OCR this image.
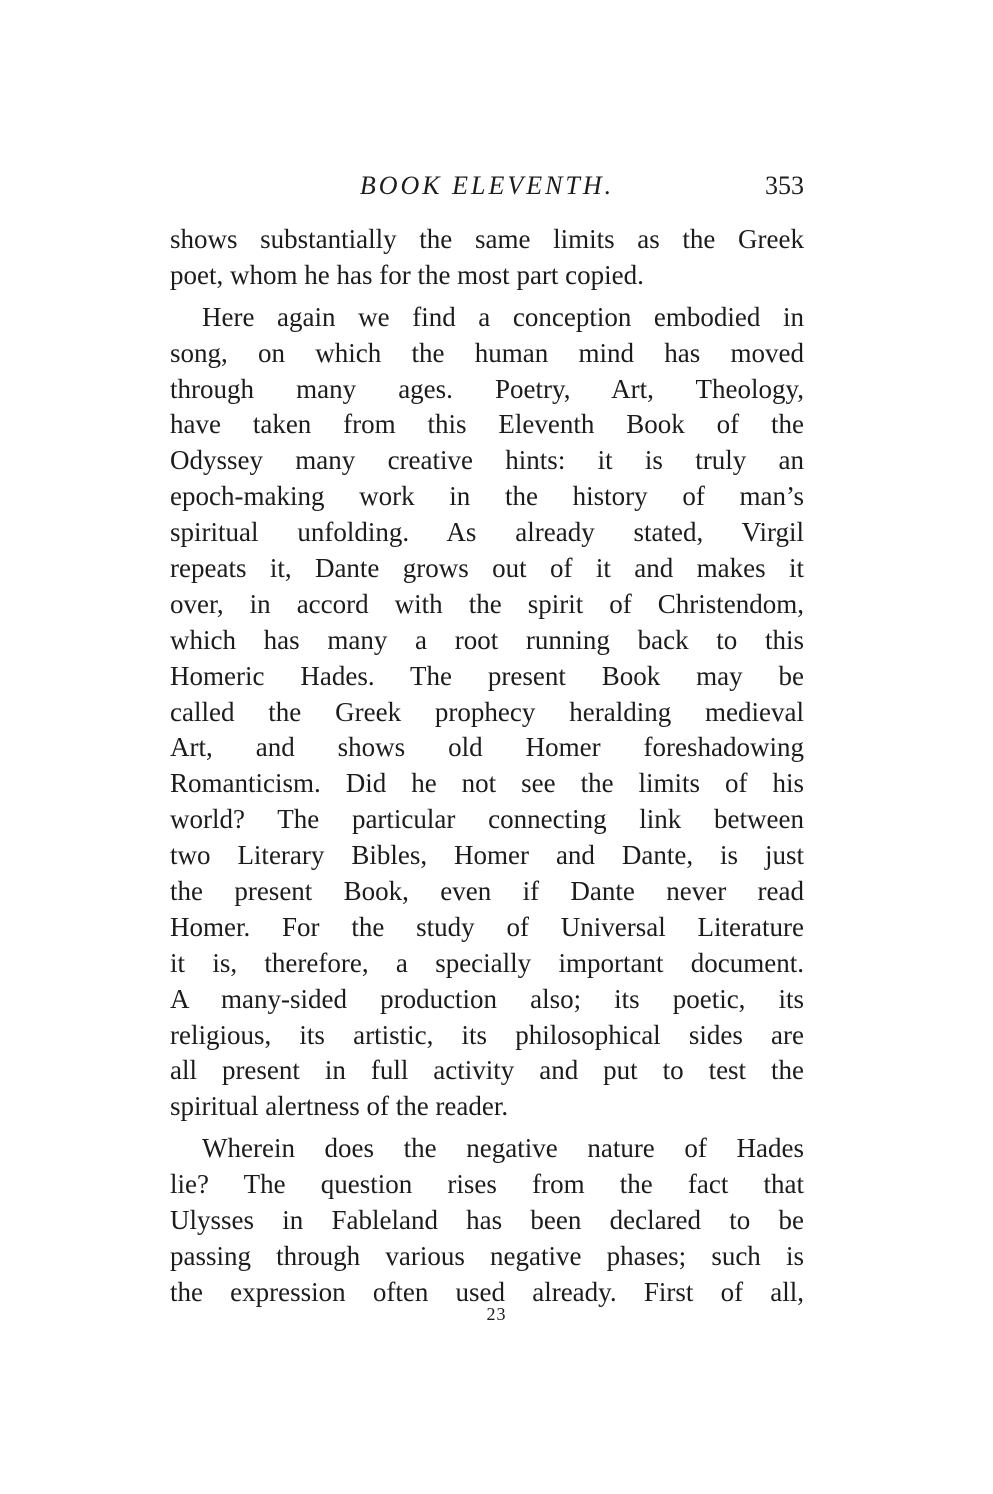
BOOK ELEVENTH.	353
shows substantially the same limits as the Greek
poet, whom he has for the most part copied.
Here again we find a conception embodied in
song, on which the human mind has moved
through many ages. Poetry, Art, Theology,
have taken from this Eleventh Book of the
Odyssey many creative hints: it is truly an
epoch-making work in the history of man’s
spiritual unfolding. As already stated, Virgil
repeats it, Dante grows out of it and makes it
over, in accord with the spirit of Christendom,
which has many a root running back to this
Homeric Hades. The present Book may be
called the Greek prophecy heralding medieval
Art, and shows old Homer foreshadowing
Romanticism. Did he not see the limits of his
world? The particular connecting link between
two Literary Bibles, Homer and Dante, is just
the present Book, even if Dante never read
Homer. For the study of Universal Literature
it is, therefore, a specially important document.
A many-sided production also; its poetic, its
religious, its artistic, its philosophical sides are
all present in full activity and put to test the
spiritual alertness of the reader.
Wherein does the negative nature of Hades
lie? The question rises from the fact that
Ulysses in Fableland has been declared to be
passing through various negative phases; such is
the expression often used already. First of all,
23
